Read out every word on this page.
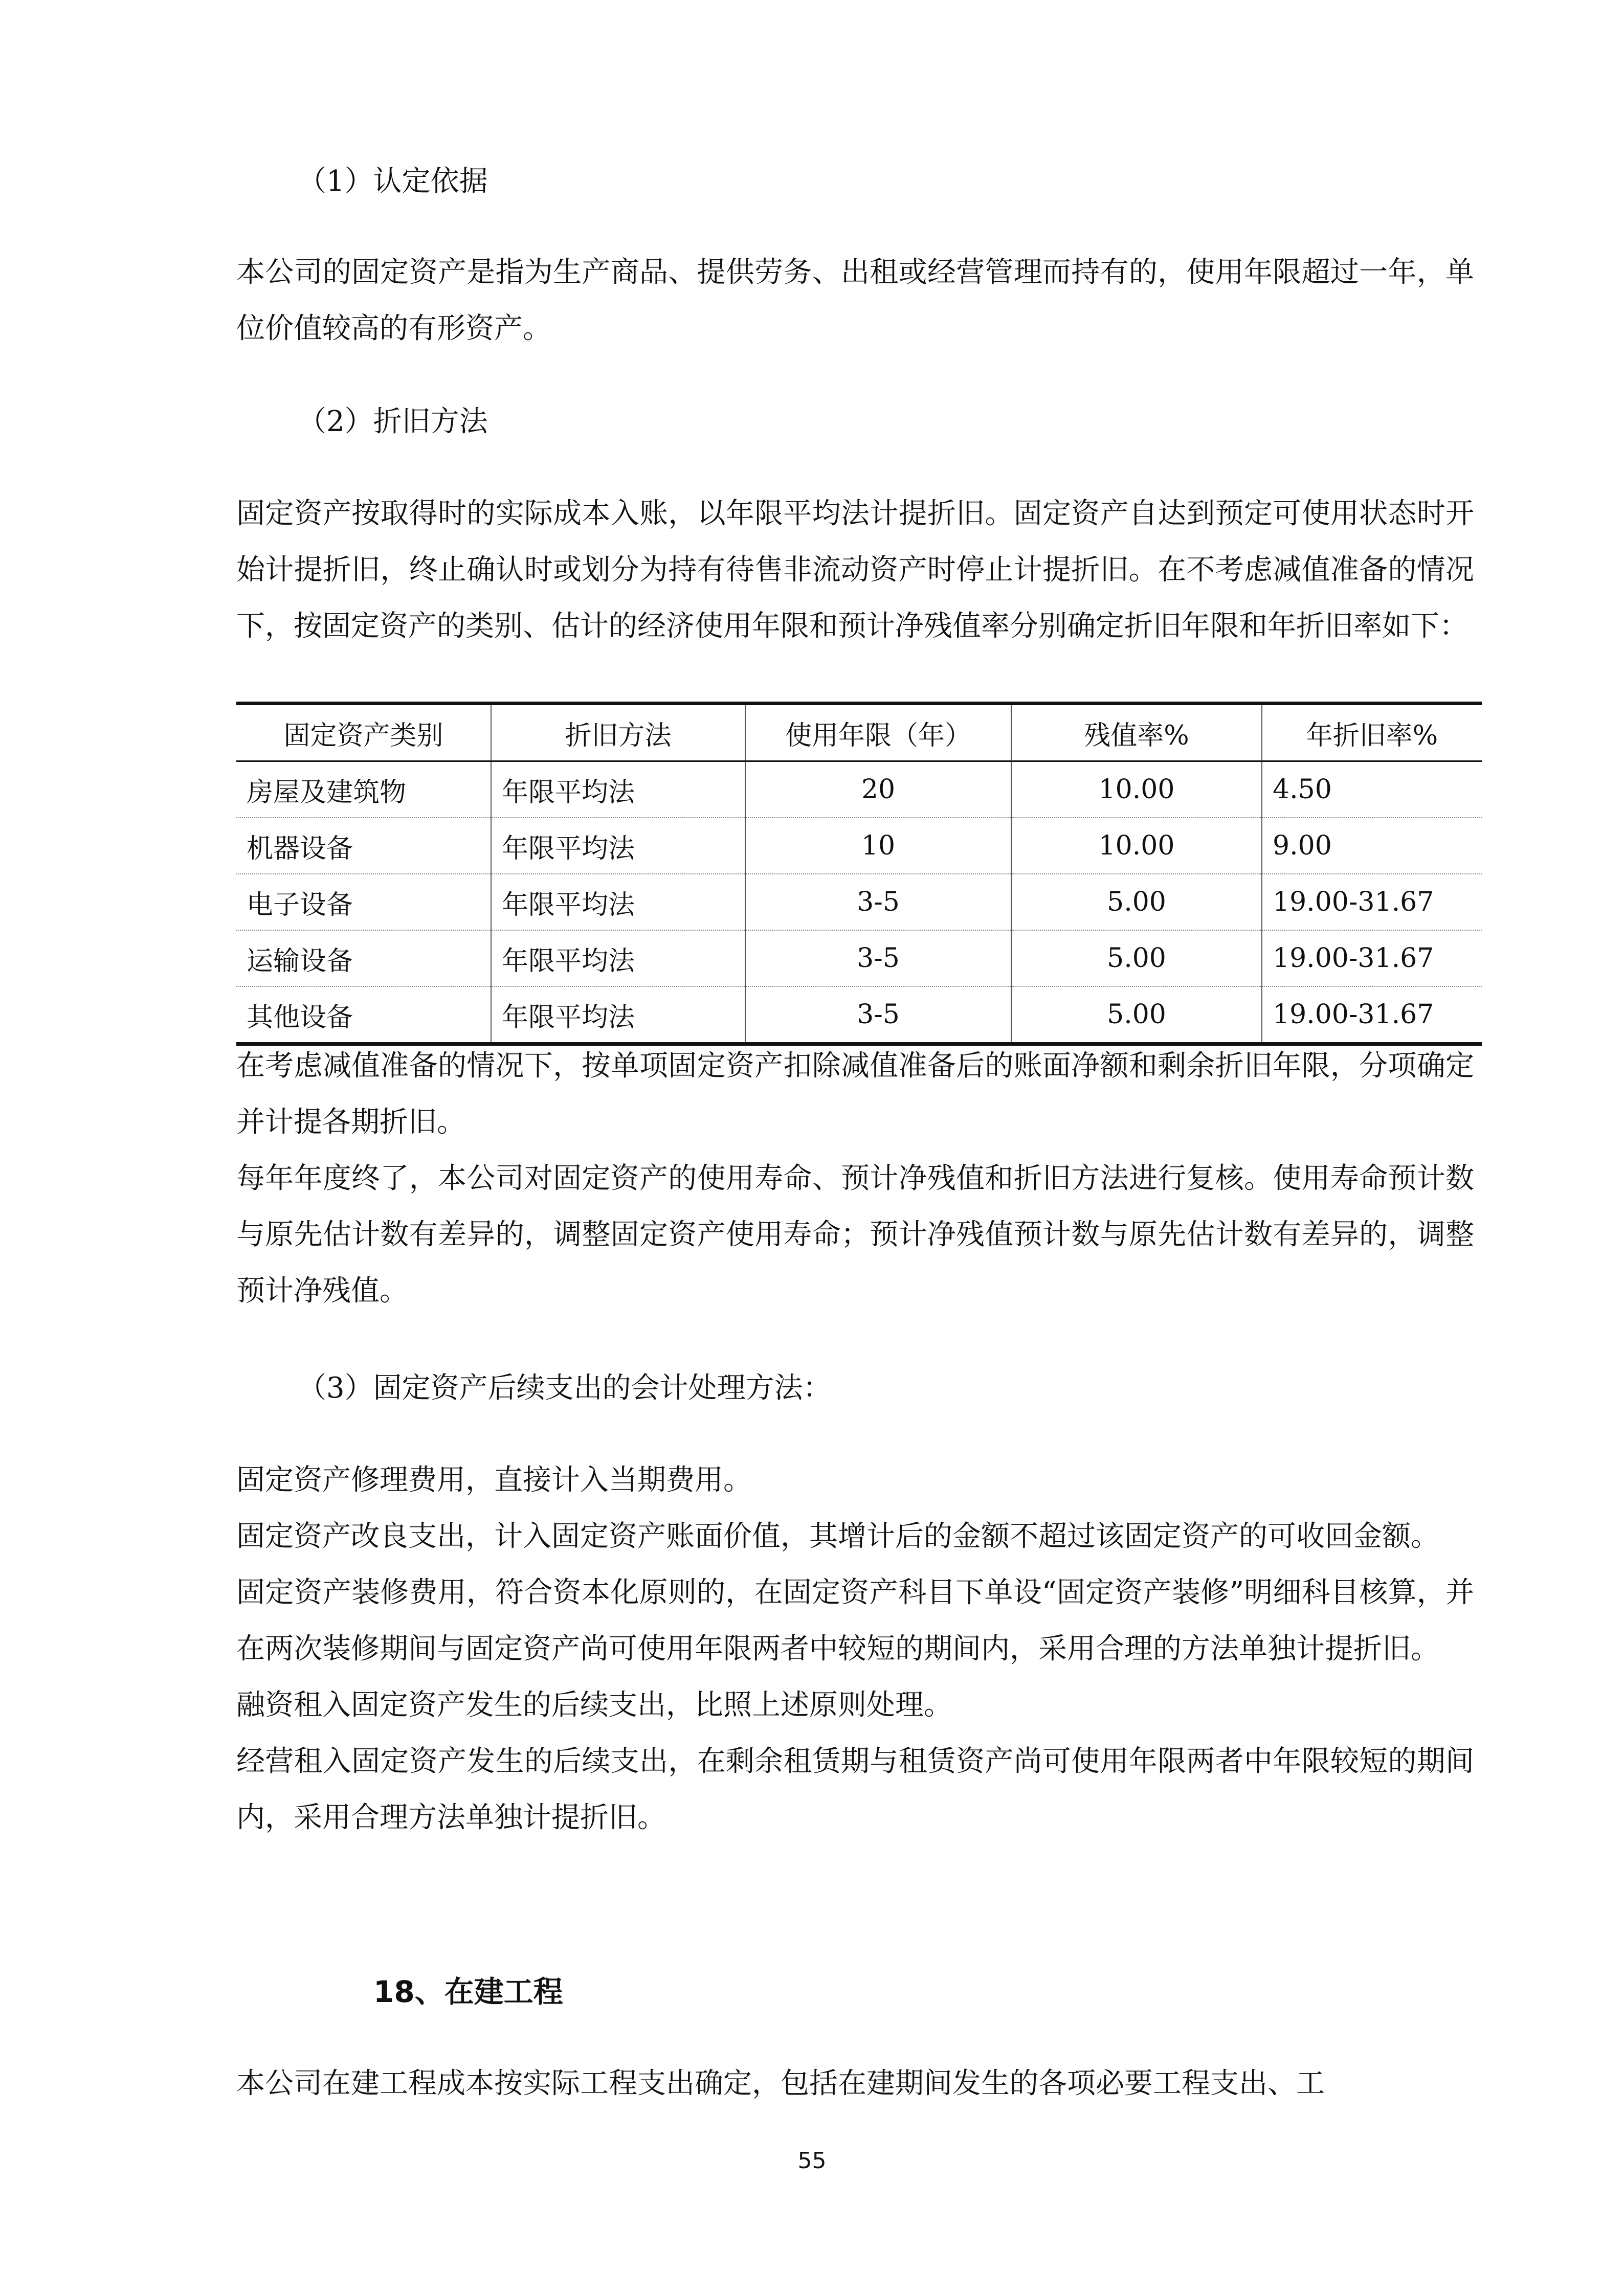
（1）认定依据

本公司的固定资产是指为生产商品、提供劳务、出租或经营管理而持有的，使用年限超过一年，单位价值较高的有形资产。

（2）折旧方法

固定资产按取得时的实际成本入账，以年限平均法计提折旧。固定资产自达到预定可使用状态时开始计提折旧，终止确认时或划分为持有待售非流动资产时停止计提折旧。在不考虑减值准备的情况下，按固定资产的类别、估计的经济使用年限和预计净残值率分别确定折旧年限和年折旧率如下：

固定资产类别	折旧方法	使用年限（年）	残值率%	年折旧率%
房屋及建筑物	年限平均法	20	10.00	4.50
机器设备	年限平均法	10	10.00	9.00
电子设备	年限平均法	3-5	5.00	19.00-31.67
运输设备	年限平均法	3-5	5.00	19.00-31.67
其他设备	年限平均法	3-5	5.00	19.00-31.67

在考虑减值准备的情况下，按单项固定资产扣除减值准备后的账面净额和剩余折旧年限，分项确定并计提各期折旧。

每年年度终了，本公司对固定资产的使用寿命、预计净残值和折旧方法进行复核。使用寿命预计数与原先估计数有差异的，调整固定资产使用寿命；预计净残值预计数与原先估计数有差异的，调整预计净残值。

（3）固定资产后续支出的会计处理方法：

固定资产修理费用，直接计入当期费用。

固定资产改良支出，计入固定资产账面价值，其增计后的金额不超过该固定资产的可收回金额。

固定资产装修费用，符合资本化原则的，在固定资产科目下单设“固定资产装修”明细科目核算，并在两次装修期间与固定资产尚可使用年限两者中较短的期间内，采用合理的方法单独计提折旧。

融资租入固定资产发生的后续支出，比照上述原则处理。

经营租入固定资产发生的后续支出，在剩余租赁期与租赁资产尚可使用年限两者中年限较短的期间内，采用合理方法单独计提折旧。

18、在建工程

本公司在建工程成本按实际工程支出确定，包括在建期间发生的各项必要工程支出、工

55
